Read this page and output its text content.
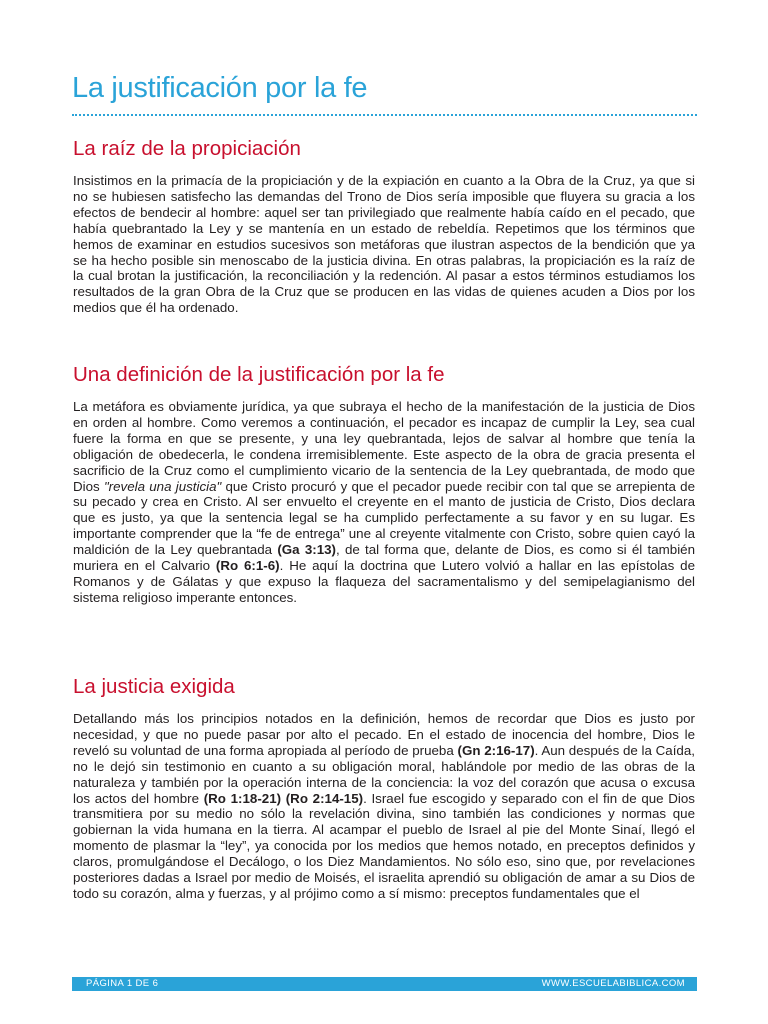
La justificación por la fe
La raíz de la propiciación

Insistimos en la primacía de la propiciación y de la expiación en cuanto a la Obra de la Cruz, ya que si no se hubiesen satisfecho las demandas del Trono de Dios sería imposible que fluyera su gracia a los efectos de bendecir al hombre: aquel ser tan privilegiado que realmente había caído en el pecado, que había quebrantado la Ley y se mantenía en un estado de rebeldía. Repetimos que los términos que hemos de examinar en estudios sucesivos son metáforas que ilustran aspectos de la bendición que ya se ha hecho posible sin menoscabo de la justicia divina. En otras palabras, la propiciación es la raíz de la cual brotan la justificación, la reconciliación y la redención. Al pasar a estos términos estudiamos los resultados de la gran Obra de la Cruz que se producen en las vidas de quienes acuden a Dios por los medios que él ha ordenado.

Una definición de la justificación por la fe

La metáfora es obviamente jurídica, ya que subraya el hecho de la manifestación de la justicia de Dios en orden al hombre. Como veremos a continuación, el pecador es incapaz de cumplir la Ley, sea cual fuere la forma en que se presente, y una ley quebrantada, lejos de salvar al hombre que tenía la obligación de obedecerla, le condena irremisiblemente. Este aspecto de la obra de gracia presenta el sacrificio de la Cruz como el cumplimiento vicario de la sentencia de la Ley quebrantada, de modo que Dios "revela una justicia" que Cristo procuró y que el pecador puede recibir con tal que se arrepienta de su pecado y crea en Cristo. Al ser envuelto el creyente en el manto de justicia de Cristo, Dios declara que es justo, ya que la sentencia legal se ha cumplido perfectamente a su favor y en su lugar. Es importante comprender que la “fe de entrega” une al creyente vitalmente con Cristo, sobre quien cayó la maldición de la Ley quebrantada (Ga 3:13), de tal forma que, delante de Dios, es como si él también muriera en el Calvario (Ro 6:1-6). He aquí la doctrina que Lutero volvió a hallar en las epístolas de Romanos y de Gálatas y que expuso la flaqueza del sacramentalismo y del semipelagianismo del sistema religioso imperante entonces.

La justicia exigida

Detallando más los principios notados en la definición, hemos de recordar que Dios es justo por necesidad, y que no puede pasar por alto el pecado. En el estado de inocencia del hombre, Dios le reveló su voluntad de una forma apropiada al período de prueba (Gn 2:16-17). Aun después de la Caída, no le dejó sin testimonio en cuanto a su obligación moral, hablándole por medio de las obras de la naturaleza y también por la operación interna de la conciencia: la voz del corazón que acusa o excusa los actos del hombre (Ro 1:18-21) (Ro 2:14-15). Israel fue escogido y separado con el fin de que Dios transmitiera por su medio no sólo la revelación divina, sino también las condiciones y normas que gobiernan la vida humana en la tierra. Al acampar el pueblo de Israel al pie del Monte Sinaí, llegó el momento de plasmar la “ley”, ya conocida por los medios que hemos notado, en preceptos definidos y claros, promulgándose el Decálogo, o los Diez Mandamientos. No sólo eso, sino que, por revelaciones posteriores dadas a Israel por medio de Moisés, el israelita aprendió su obligación de amar a su Dios de todo su corazón, alma y fuerzas, y al prójimo como a sí mismo: preceptos fundamentales que el

PÁGINA 1 DE 6	WWW.ESCUELABIBLICA.COM
